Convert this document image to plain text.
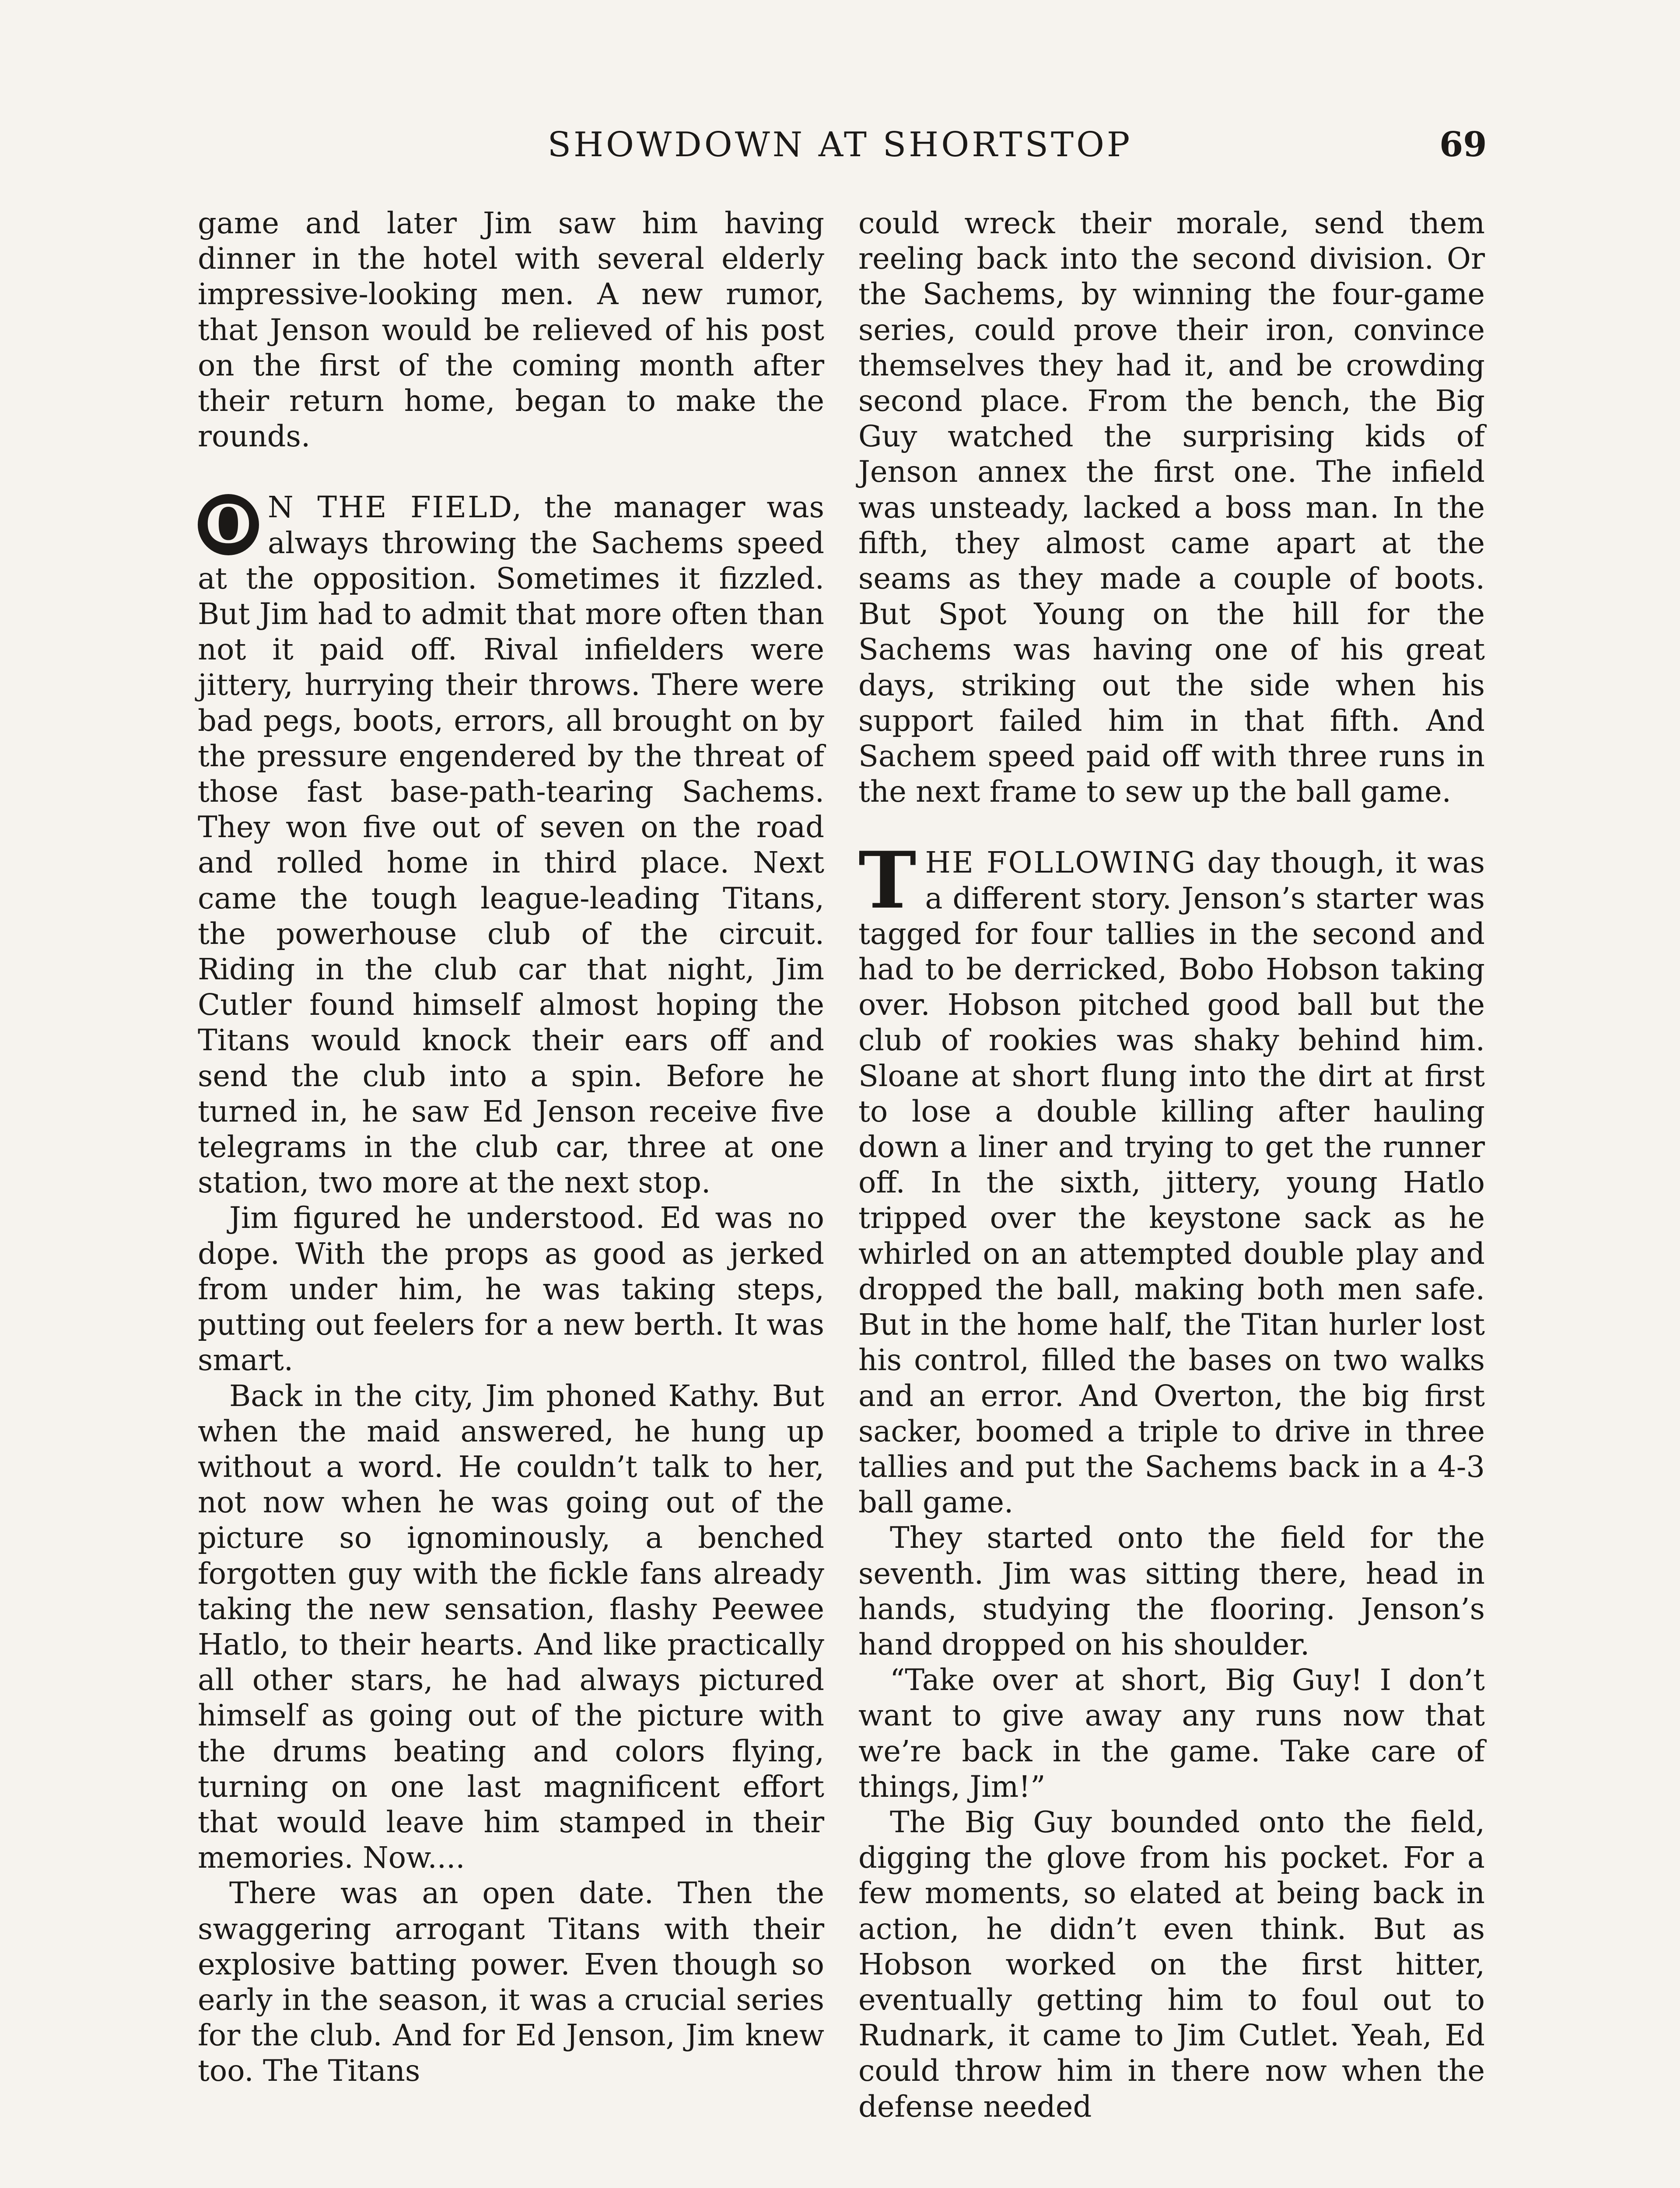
SHOWDOWN AT SHORTSTOP	69

game and later Jim saw him having dinner in the hotel with several elderly impressive-looking men. A new rumor, that Jenson would be relieved of his post on the first of the coming month after their return home, began to make the rounds.

O N THE FIELD, the manager was always throwing the Sachems speed at the opposition. Sometimes it fizzled. But Jim had to admit that more often than not it paid off. Rival infielders were jittery, hurrying their throws. There were bad pegs, boots, errors, all brought on by the pressure engendered by the threat of those fast base-path-tearing Sachems. They won five out of seven on the road and rolled home in third place. Next came the tough league-leading Titans, the powerhouse club of the circuit. Riding in the club car that night, Jim Cutler found himself almost hoping the Titans would knock their ears off and send the club into a spin. Before he turned in, he saw Ed Jenson receive five telegrams in the club car, three at one station, two more at the next stop.

Jim figured he understood. Ed was no dope. With the props as good as jerked from under him, he was taking steps, putting out feelers for a new berth. It was smart.

Back in the city, Jim phoned Kathy. But when the maid answered, he hung up without a word. He couldn’t talk to her, not now when he was going out of the picture so ignominously, a benched forgotten guy with the fickle fans already taking the new sensation, flashy Peewee Hatlo, to their hearts. And like practically all other stars, he had always pictured himself as going out of the picture with the drums beating and colors flying, turning on one last magnificent effort that would leave him stamped in their memories. Now....

There was an open date. Then the swaggering arrogant Titans with their explosive batting power. Even though so early in the season, it was a crucial series for the club. And for Ed Jenson, Jim knew too. The Titans

could wreck their morale, send them reeling back into the second division. Or the Sachems, by winning the four-game series, could prove their iron, convince themselves they had it, and be crowding second place. From the bench, the Big Guy watched the surprising kids of Jenson annex the first one. The infield was unsteady, lacked a boss man. In the fifth, they almost came apart at the seams as they made a couple of boots. But Spot Young on the hill for the Sachems was having one of his great days, striking out the side when his support failed him in that fifth. And Sachem speed paid off with three runs in the next frame to sew up the ball game.

THE FOLLOWING day though, it was a different story. Jenson’s starter was tagged for four tallies in the second and had to be derricked, Bobo Hobson taking over. Hobson pitched good ball but the club of rookies was shaky behind him. Sloane at short flung into the dirt at first to lose a double killing after hauling down a liner and trying to get the runner off. In the sixth, jittery, young Hatlo tripped over the keystone sack as he whirled on an attempted double play and dropped the ball, making both men safe. But in the home half, the Titan hurler lost his control, filled the bases on two walks and an error. And Overton, the big first sacker, boomed a triple to drive in three tallies and put the Sachems back in a 4-3 ball game.

They started onto the field for the seventh. Jim was sitting there, head in hands, studying the flooring. Jenson’s hand dropped on his shoulder.

“Take over at short, Big Guy! I don’t want to give away any runs now that we’re back in the game. Take care of things, Jim!”

The Big Guy bounded onto the field, digging the glove from his pocket. For a few moments, so elated at being back in action, he didn’t even think. But as Hobson worked on the first hitter, eventually getting him to foul out to Rudnark, it came to Jim Cutlet. Yeah, Ed could throw him in there now when the defense needed
